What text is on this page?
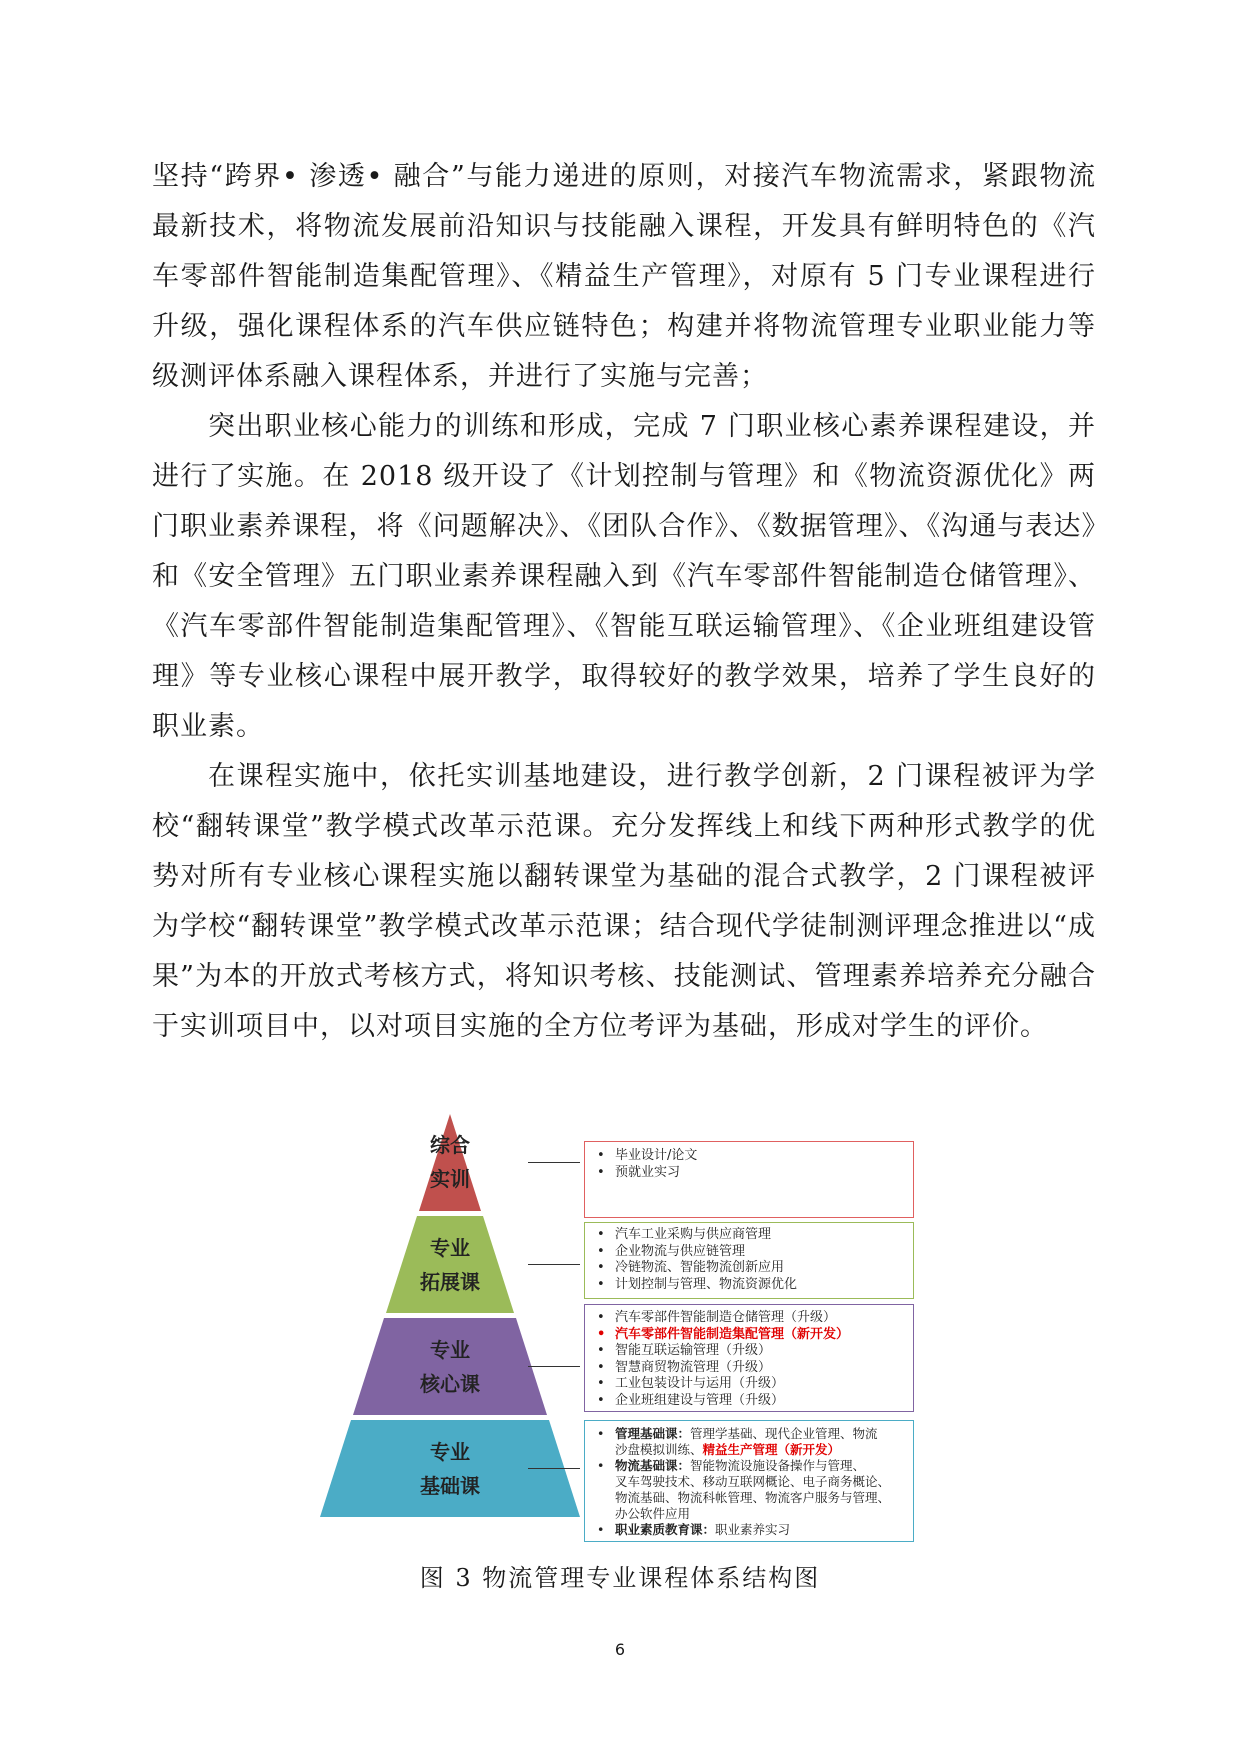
坚持“跨界• 渗透• 融合”与能力递进的原则，对接汽车物流需求，紧跟物流最新技术，将物流发展前沿知识与技能融入课程，开发具有鲜明特色的《汽车零部件智能制造集配管理》、《精益生产管理》，对原有 5 门专业课程进行升级，强化课程体系的汽车供应链特色；构建并将物流管理专业职业能力等级测评体系融入课程体系，并进行了实施与完善；

突出职业核心能力的训练和形成，完成 7 门职业核心素养课程建设，并进行了实施。在 2018 级开设了《计划控制与管理》和《物流资源优化》两门职业素养课程，将《问题解决》、《团队合作》、《数据管理》、《沟通与表达》和《安全管理》五门职业素养课程融入到《汽车零部件智能制造仓储管理》、《汽车零部件智能制造集配管理》、《智能互联运输管理》、《企业班组建设管理》等专业核心课程中展开教学，取得较好的教学效果，培养了学生良好的职业素。

在课程实施中，依托实训基地建设，进行教学创新，2 门课程被评为学校“翻转课堂”教学模式改革示范课。充分发挥线上和线下两种形式教学的优势对所有专业核心课程实施以翻转课堂为基础的混合式教学，2 门课程被评为学校“翻转课堂”教学模式改革示范课；结合现代学徒制测评理念推进以“成果”为本的开放式考核方式，将知识考核、技能测试、管理素养培养充分融合于实训项目中，以对项目实施的全方位考评为基础，形成对学生的评价。

综合
实训
专业
拓展课
专业
核心课
专业
基础课
• 毕业设计/论文
• 预就业实习
• 汽车工业采购与供应商管理
• 企业物流与供应链管理
• 冷链物流、智能物流创新应用
• 计划控制与管理、物流资源优化
• 汽车零部件智能制造仓储管理（升级）
• 汽车零部件智能制造集配管理（新开发）
• 智能互联运输管理（升级）
• 智慧商贸物流管理（升级）
• 工业包装设计与运用（升级）
• 企业班组建设与管理（升级）
• 管理基础课：管理学基础、现代企业管理、物流
沙盘模拟训练、精益生产管理（新开发）
• 物流基础课：智能物流设施设备操作与管理、
叉车驾驶技术、移动互联网概论、电子商务概论、
物流基础、物流科帐管理、物流客户服务与管理、
办公软件应用
• 职业素质教育课：职业素养实习
图 3 物流管理专业课程体系结构图
6
